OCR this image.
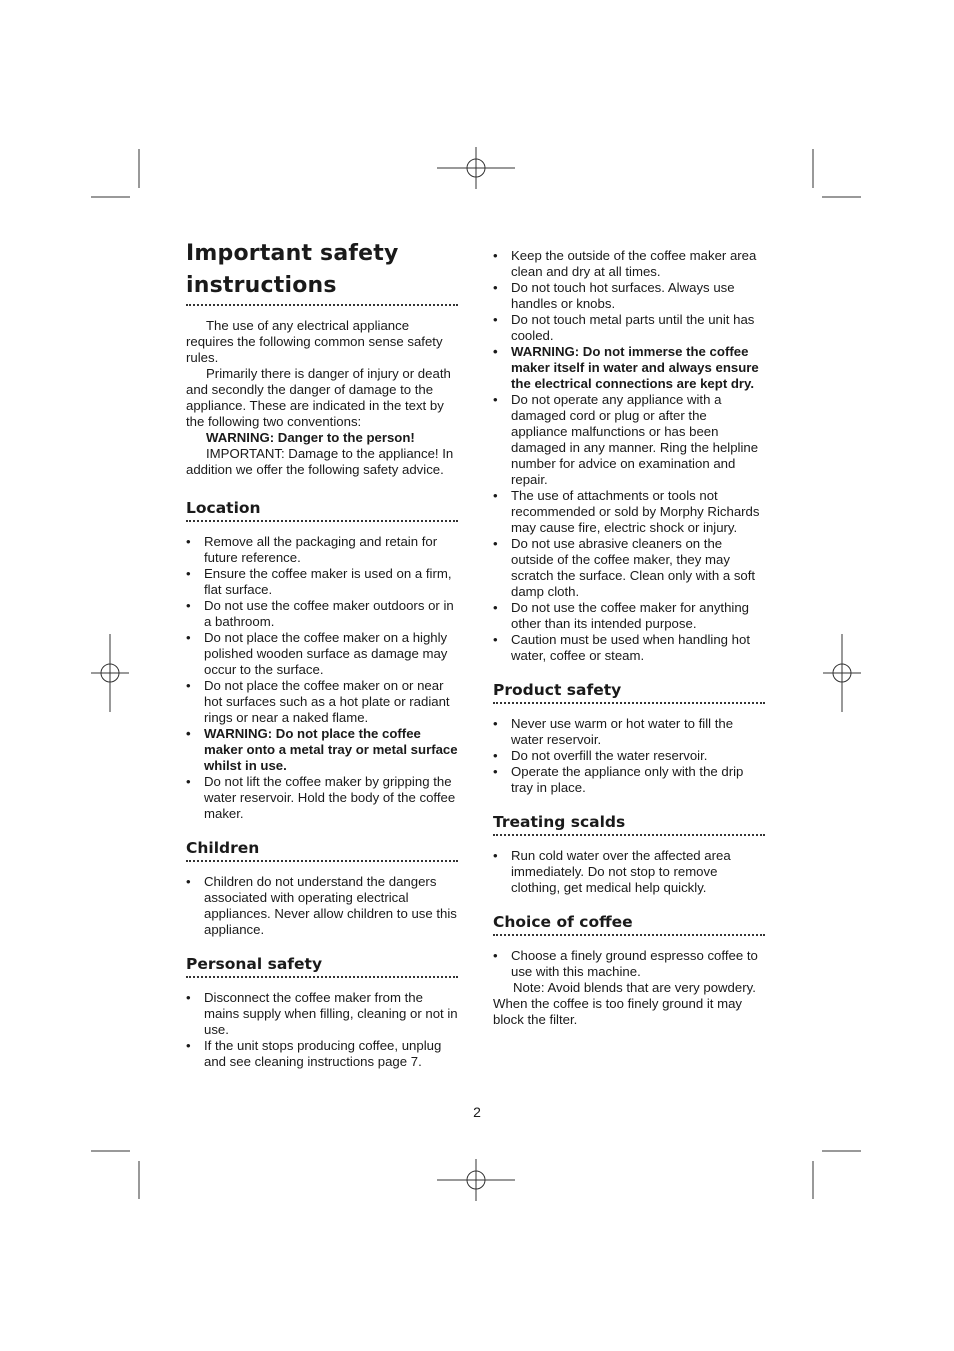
Important safety
instructions

The use of any electrical appliance requires the following common sense safety rules.

Primarily there is danger of injury or death and secondly the danger of damage to the appliance. These are indicated in the text by the following two conventions:

WARNING: Danger to the person!

IMPORTANT: Damage to the appliance! In addition we offer the following safety advice.

Location
• Remove all the packaging and retain for future reference.
• Ensure the coffee maker is used on a firm, flat surface.
• Do not use the coffee maker outdoors or in a bathroom.
• Do not place the coffee maker on a highly polished wooden surface as damage may occur to the surface.
• Do not place the coffee maker on or near hot surfaces such as a hot plate or radiant rings or near a naked flame.
• WARNING: Do not place the coffee maker onto a metal tray or metal surface whilst in use.
• Do not lift the coffee maker by gripping the water reservoir. Hold the body of the coffee maker.
Children
• Children do not understand the dangers associated with operating electrical appliances. Never allow children to use this appliance.
Personal safety
• Disconnect the coffee maker from the mains supply when filling, cleaning or not in use.
• If the unit stops producing coffee, unplug and see cleaning instructions page 7.
• Keep the outside of the coffee maker area clean and dry at all times.
• Do not touch hot surfaces. Always use handles or knobs.
• Do not touch metal parts until the unit has cooled.
• WARNING: Do not immerse the coffee maker itself in water and always ensure the electrical connections are kept dry.
• Do not operate any appliance with a damaged cord or plug or after the appliance malfunctions or has been damaged in any manner. Ring the helpline number for advice on examination and repair.
• The use of attachments or tools not recommended or sold by Morphy Richards may cause fire, electric shock or injury.
• Do not use abrasive cleaners on the outside of the coffee maker, they may scratch the surface. Clean only with a soft damp cloth.
• Do not use the coffee maker for anything other than its intended purpose.
• Caution must be used when handling hot water, coffee or steam.
Product safety
• Never use warm or hot water to fill the water reservoir.
• Do not overfill the water reservoir.
• Operate the appliance only with the drip tray in place.
Treating scalds
• Run cold water over the affected area immediately. Do not stop to remove clothing, get medical help quickly.
Choice of coffee
• Choose a finely ground espresso coffee to use with this machine.

Note: Avoid blends that are very powdery. When the coffee is too finely ground it may block the filter.

2
